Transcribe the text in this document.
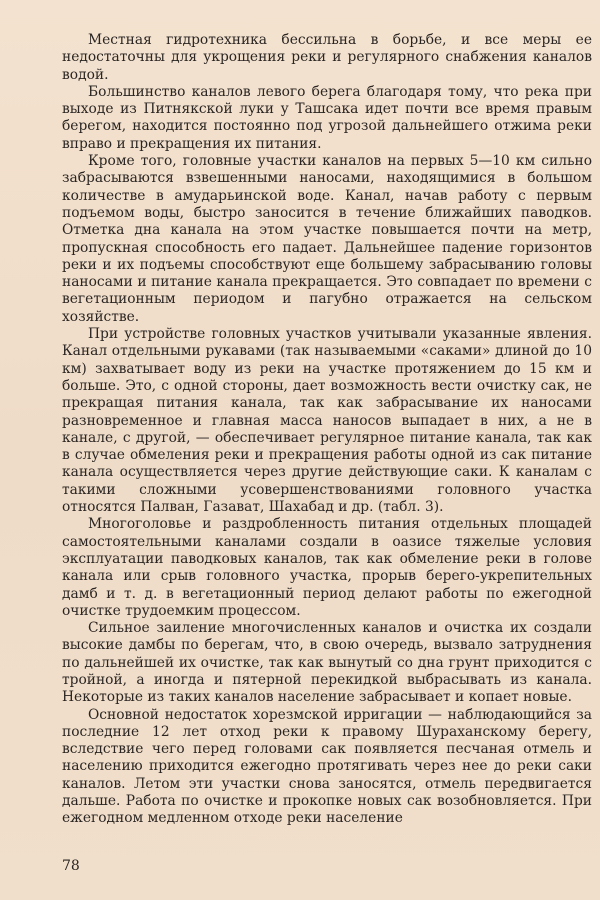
Местная гидротехника бессильна в борьбе, и все меры ее недостаточны для укрощения реки и регулярного снабжения каналов водой.

Большинство каналов левого берега благодаря тому, что река при выходе из Питнякской луки у Ташсака идет почти все время правым берегом, находится постоянно под угрозой дальнейшего отжима реки вправо и прекращения их питания.

Кроме того, головные участки каналов на первых 5—10 км сильно забрасываются взвешенными наносами, находящимися в большом количестве в амударьинской воде. Канал, начав работу с первым подъемом воды, быстро заносится в течение ближайших паводков. Отметка дна канала на этом участке повышается почти на метр, пропускная способность его падает. Дальнейшее падение горизонтов реки и их подъемы способствуют еще большему забрасыванию головы наносами и питание канала прекращается. Это совпадает по времени с вегетационным периодом и пагубно отражается на сельском хозяйстве.

При устройстве головных участков учитывали указанные явления. Канал отдельными рукавами (так называемыми «саками» длиной до 10 км) захватывает воду из реки на участке протяжением до 15 км и больше. Это, с одной стороны, дает возможность вести очистку сак, не прекращая питания канала, так как забрасывание их наносами разновременное и главная масса наносов выпадает в них, а не в канале, с другой, — обеспечивает регулярное питание канала, так как в случае обмеления реки и прекращения работы одной из сак питание канала осуществляется через другие действующие саки. К каналам с такими сложными усовершенствованиями головного участка относятся Палван, Газават, Шахабад и др. (табл. 3).

Многоголовье и раздробленность питания отдельных площадей самостоятельными каналами создали в оазисе тяжелые условия эксплуатации паводковых каналов, так как обмеление реки в голове канала или срыв головного участка, прорыв берего-укрепительных дамб и т. д. в вегетационный период делают работы по ежегодной очистке трудоемким процессом.

Сильное заиление многочисленных каналов и очистка их создали высокие дамбы по берегам, что, в свою очередь, вызвало затруднения по дальнейшей их очистке, так как вынутый со дна грунт приходится с тройной, а иногда и пятерной перекидкой выбрасывать из канала. Некоторые из таких каналов население забрасывает и копает новые.

Основной недостаток хорезмской ирригации — наблюдающийся за последние 12 лет отход реки к правому Шураханскому берегу, вследствие чего перед головами сак появляется песчаная отмель и населению приходится ежегодно протягивать через нее до реки саки каналов. Летом эти участки снова заносятся, отмель передвигается дальше. Работа по очистке и прокопке новых сак возобновляется. При ежегодном медленном отходе реки население

78
